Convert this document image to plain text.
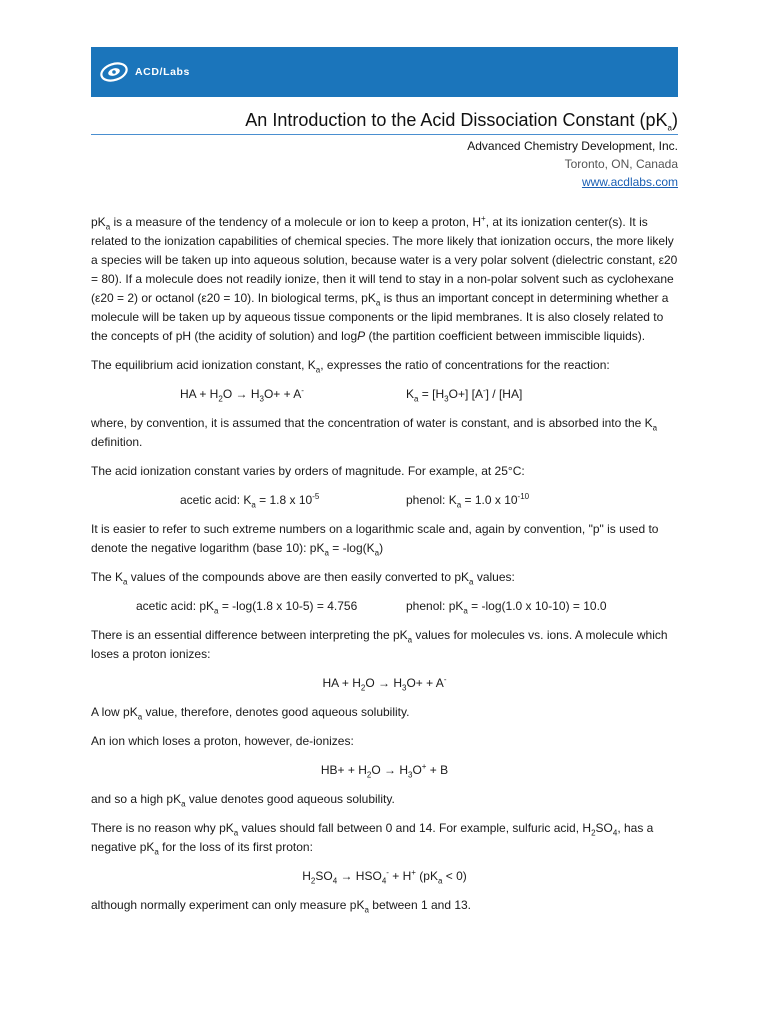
ACD/Labs
An Introduction to the Acid Dissociation Constant $(pK_a)$
Advanced Chemistry Development, Inc.
Toronto, ON, Canada
www.acdlabs.com

$pK_a$ is a measure of the tendency of a molecule or ion to keep a proton, H+, at its ionization center(s). It is related to the ionization capabilities of chemical species. The more likely that ionization occurs, the more likely a species will be taken up into aqueous solution, because water is a very polar solvent (dielectric constant, ε20 = 80). If a molecule does not readily ionize, then it will tend to stay in a non-polar solvent such as cyclohexane (ε20 = 2) or octanol (ε20 = 10). In biological terms, $pK_a$ is thus an important concept in determining whether a molecule will be taken up by aqueous tissue components or the lipid membranes. It is also closely related to the concepts of pH (the acidity of solution) and logP (the partition coefficient between immiscible liquids).

The equilibrium acid ionization constant, $K_a$, expresses the ratio of concentrations for the reaction:

HA + $H_2O \to H_3O+ + A^-$	$K_a = [H_3O+]$ [A-] / [HA]

where, by convention, it is assumed that the concentration of water is constant, and is absorbed into the $K_a$ definition.

The acid ionization constant varies by orders of magnitude. For example, at 25°C:

acetic acid: $K_a = 1.8$ x $10^{-5}$	phenol: $K_a = 1.0$ x $10^{-10}$

It is easier to refer to such extreme numbers on a logarithmic scale and, again by convention, "p" is used to denote the negative logarithm (base 10): $pK_a = -\log(K_a)$

The $K_a$ values of the compounds above are then easily converted to $pK_a$ values:

acetic acid: $pK_a = -\log(1.8$ x 10-5) = 4.756	phenol: $pK_a = -\log(1.0$ x 10-10) = 10.0

There is an essential difference between interpreting the $pK_a$ values for molecules vs. ions. A molecule which loses a proton ionizes:

HA + $H_2O \to H_3O+ + A^-$

A low $pK_a$ value, therefore, denotes good aqueous solubility.

An ion which loses a proton, however, de-ionizes:

$HB+ + H_2O \to H_3O^+ + B$

and so a high $pK_a$ value denotes good aqueous solubility.

There is no reason why $pK_a$ values should fall between 0 and 14. For example, sulfuric acid, $H_2SO_4$, has a negative $pK_a$ for the loss of its first proton:

$H_2SO_4 \to HSO_4^- + H^+$ $(pK_a < 0)$

although normally experiment can only measure $pK_a$ between 1 and 13.
